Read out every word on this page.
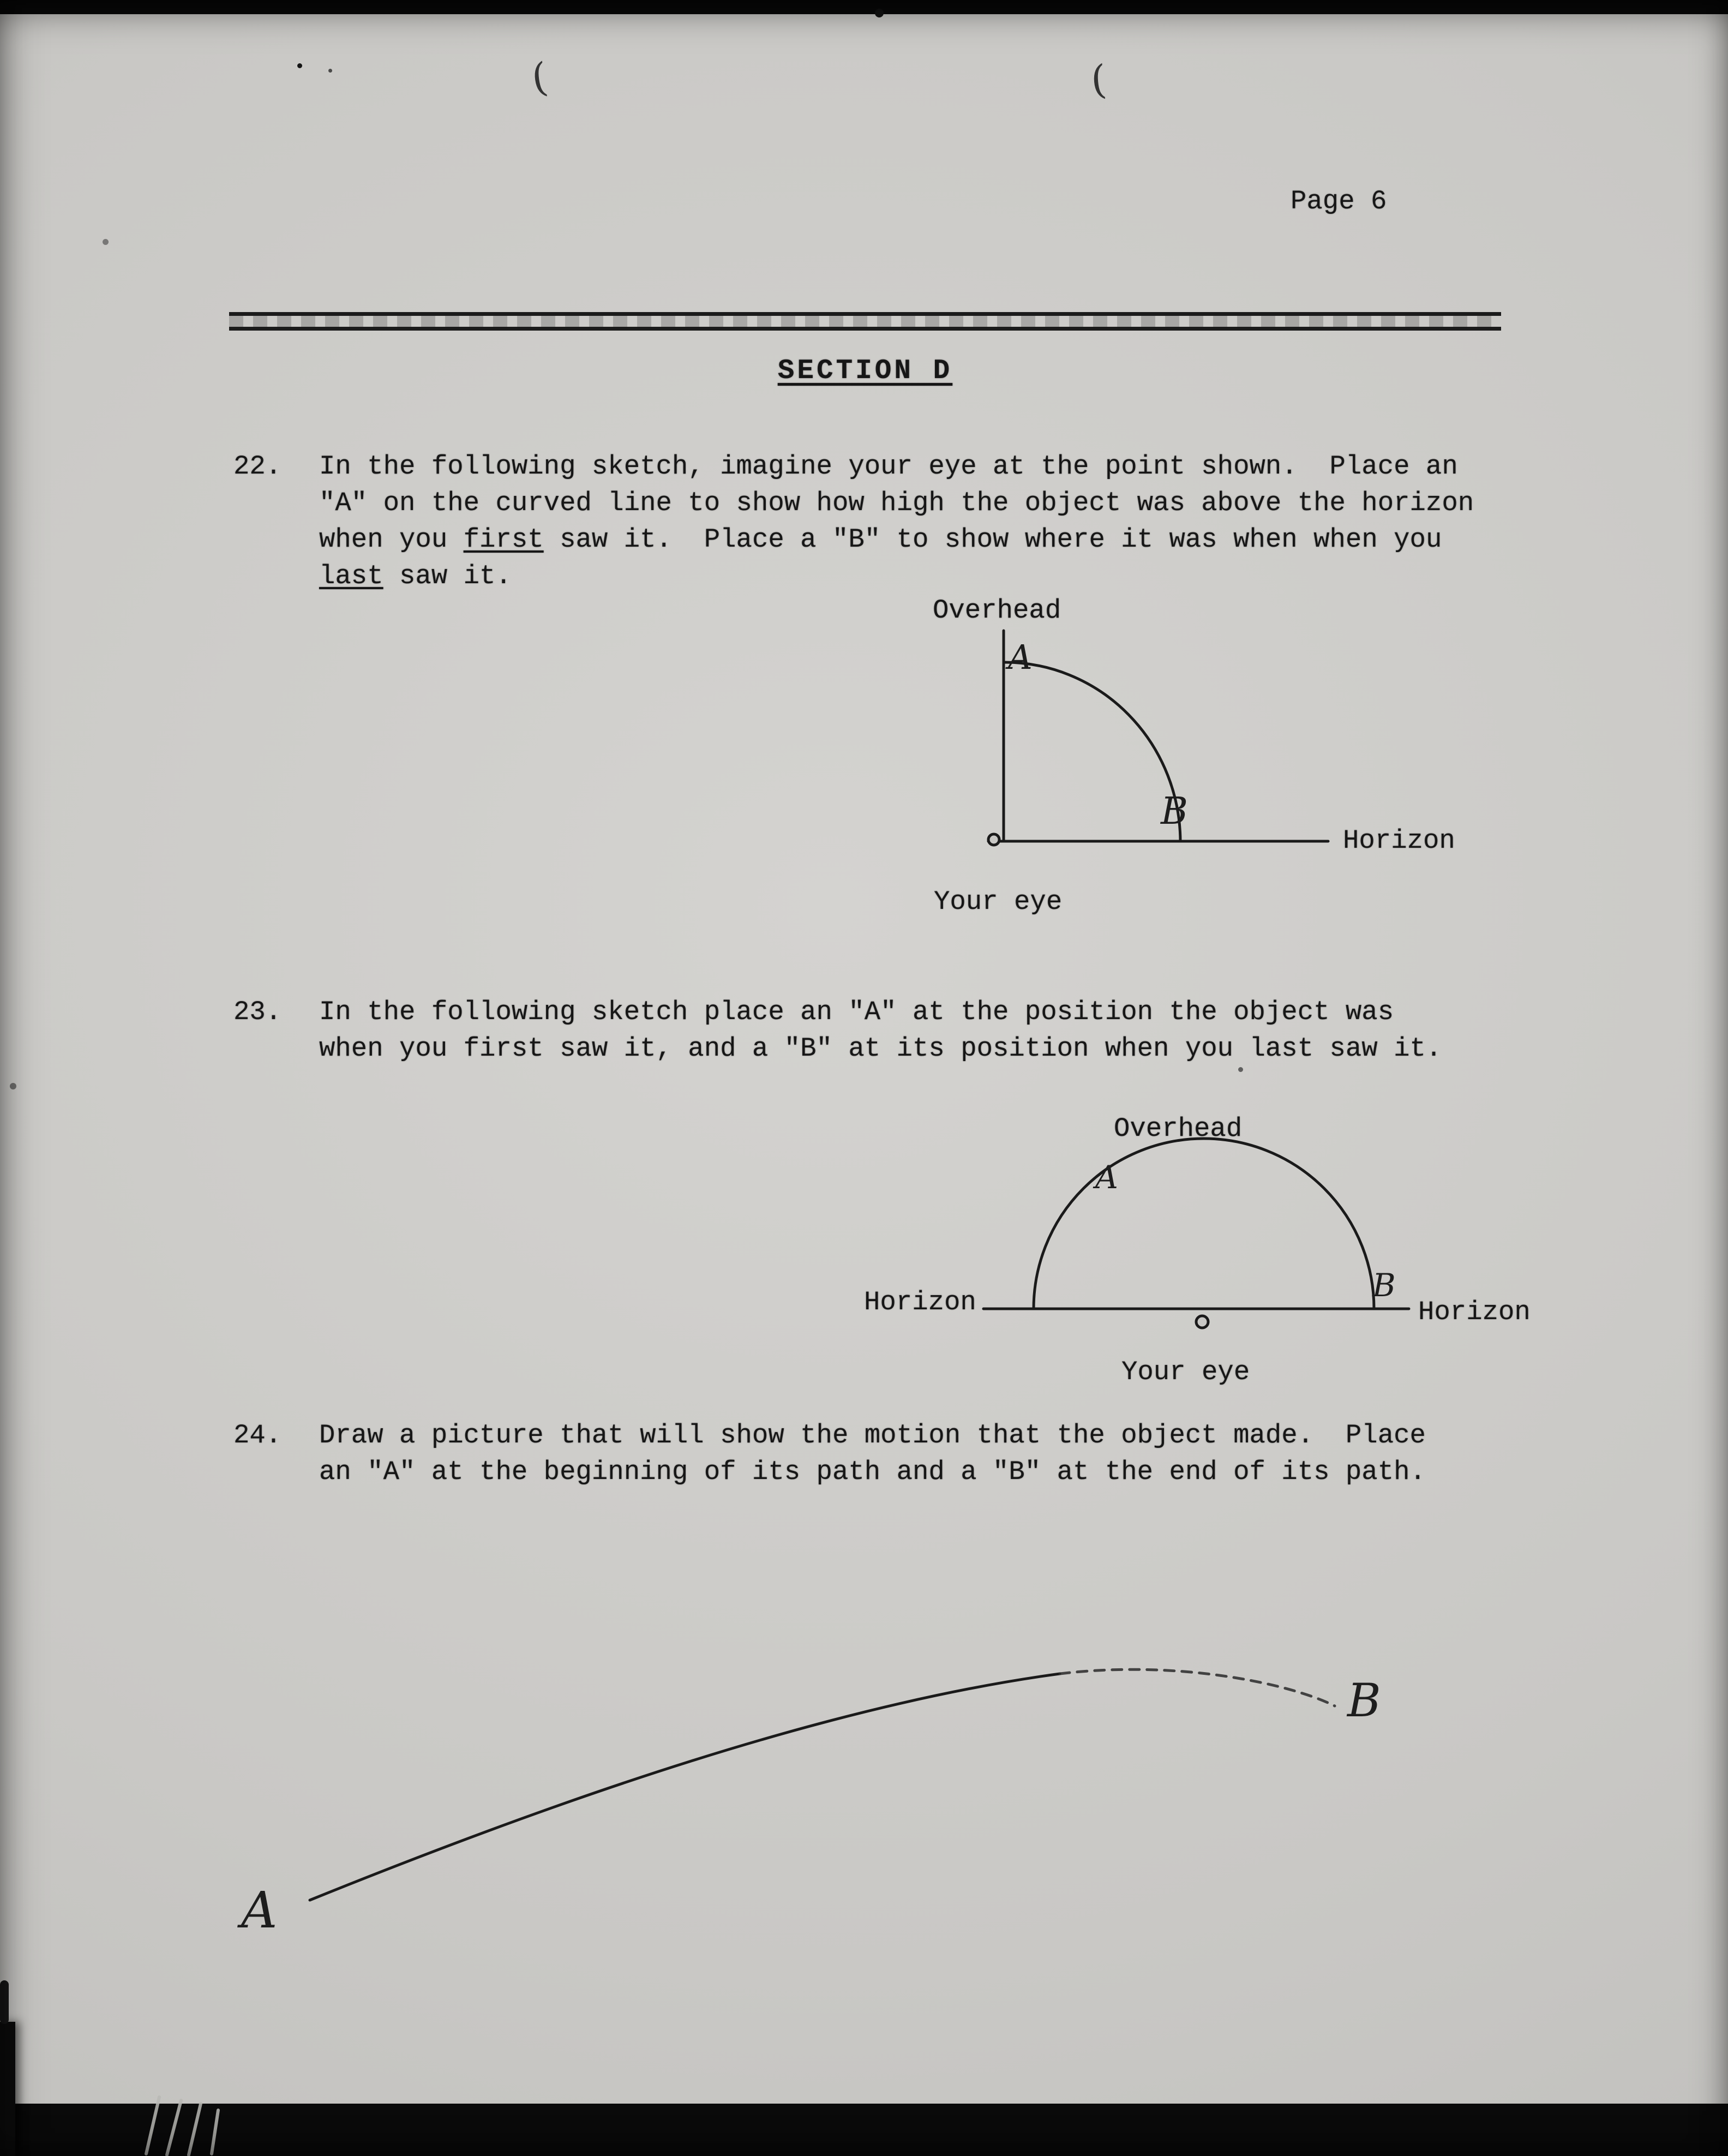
(	(
Page 6
SECTION D
22. In the following sketch, imagine your eye at the point shown.  Place an
"A" on the curved line to show how high the object was above the horizon
when you first saw it.  Place a "B" to show where it was when when you
last saw it.
Overhead
A
B
Horizon
Your eye
23. In the following sketch place an "A" at the position the object was
when you first saw it, and a "B" at its position when you last saw it.
Overhead
Horizon	Horizon
Your eye
A
B
24. Draw a picture that will show the motion that the object made.  Place
an "A" at the beginning of its path and a "B" at the end of its path.
A
B
